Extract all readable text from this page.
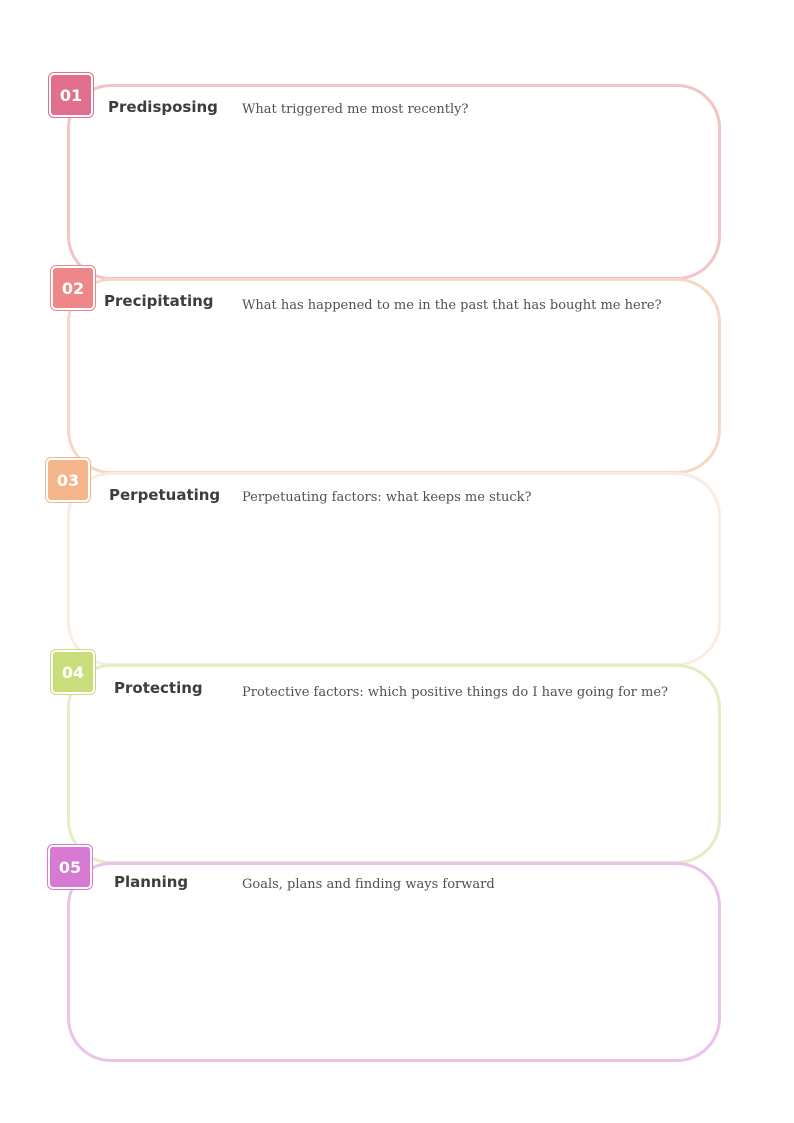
01
Predisposing What triggered me most recently?
02
Precipitating What has happened to me in the past that has bought me here?
03
Perpetuating Perpetuating factors: what keeps me stuck?
04
Protecting	Protective factors: which positive things do I have going for me?
05
Planning	Goals, plans and finding ways forward
